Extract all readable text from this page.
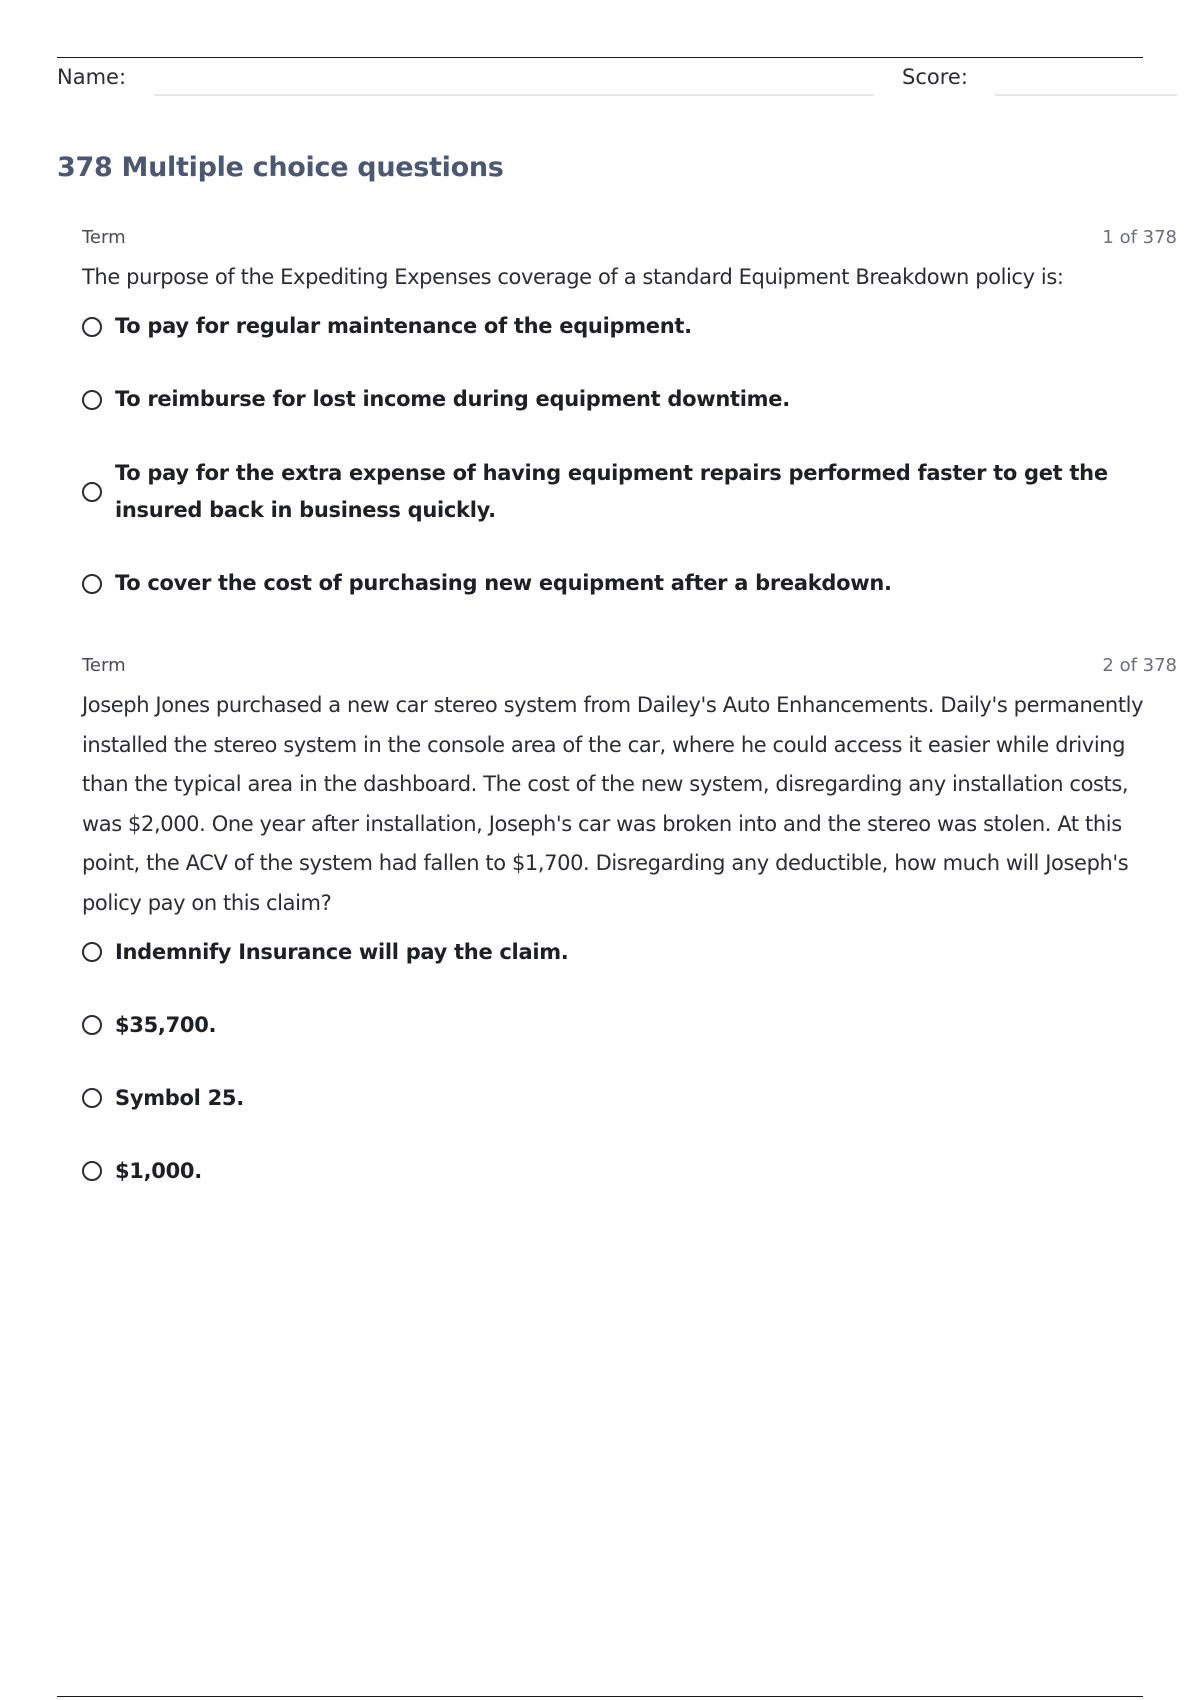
Name:	Score:
378 Multiple choice questions
Term	1 of 378
The purpose of the Expediting Expenses coverage of a standard Equipment Breakdown policy is:
To pay for regular maintenance of the equipment.
To reimburse for lost income during equipment downtime.
To pay for the extra expense of having equipment repairs performed faster to get the insured back in business quickly.
To cover the cost of purchasing new equipment after a breakdown.
Term	2 of 378
Joseph Jones purchased a new car stereo system from Dailey's Auto Enhancements. Daily's permanently installed the stereo system in the console area of the car, where he could access it easier while driving than the typical area in the dashboard. The cost of the new system, disregarding any installation costs, was $2,000. One year after installation, Joseph's car was broken into and the stereo was stolen. At this point, the ACV of the system had fallen to $1,700. Disregarding any deductible, how much will Joseph's policy pay on this claim?
Indemnify Insurance will pay the claim.
$35,700.
Symbol 25.
$1,000.
